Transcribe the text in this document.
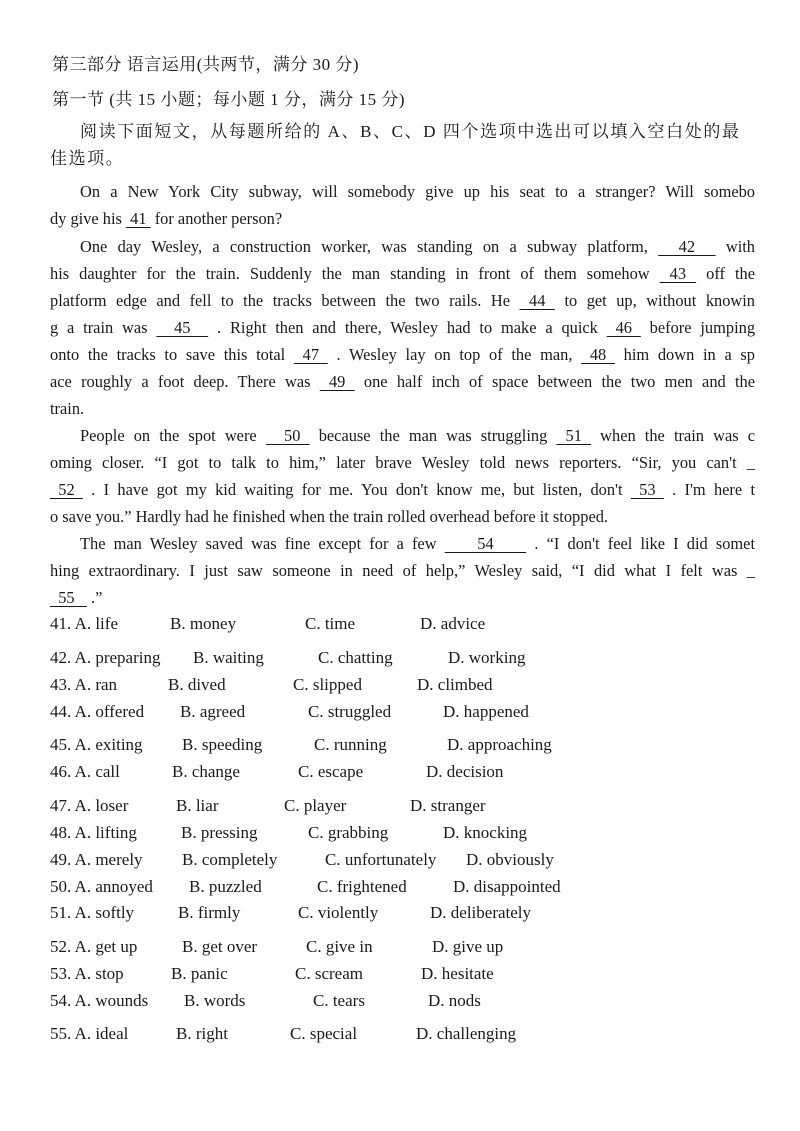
第三部分 语言运用(共两节，满分 30 分)
第一节 (共 15 小题；每小题 1 分，满分 15 分)
阅读下面短文，从每题所给的 A、B、C、D 四个选项中选出可以填入空白处的最佳选项。
On a New York City subway, will somebody give up his seat to a stranger? Will somebo
dy give his  41  for another person?
One day Wesley, a construction worker, was standing on a subway platform,   42   with
his daughter for the train. Suddenly the man standing in front of them somehow  43  off the
platform edge and fell to the tracks between the two rails. He  44  to get up, without knowin
g a train was   45   . Right then and there, Wesley had to make a quick  46  before jumping
onto the tracks to save this total  47  . Wesley lay on top of the man,  48  him down in a sp
ace roughly a foot deep. There was  49  one half inch of space between the two men and the
train.
People on the spot were   50  because the man was struggling  51  when the train was c
oming closer. “I got to talk to him,” later brave Wesley told news reporters. “Sir, you can't _
52  . I have got my kid waiting for me. You don't know me, but listen, don't  53  . I'm here t
o save you.” Hardly had he finished when the train rolled overhead before it stopped.
The man Wesley saved was fine except for a few     54     . “I don't feel like I did somet
hing extraordinary. I just saw someone in need of help,” Wesley said, “I did what I felt was _
55    .”
41. A. life	B. money	C. time	D. advice
42. A. preparing B. waiting	C. chatting	D. working
43. A. ran	B. dived	C. slipped	D. climbed
44. A. offered B. agreed	C. struggled	D. happened
45. A. exiting B. speeding	C. running	D. approaching
46. A. call	B. change	C. escape	D. decision
47. A. loser	B. liar	C. player	D. stranger
48. A. lifting	B. pressing	C. grabbing	D. knocking
49. A. merely B. completely	C. unfortunately D. obviously
50. A. annoyed B. puzzled	C. frightened	D. disappointed
51. A. softly	B. firmly	C. violently	D. deliberately
52. A. get up	B. get over	C. give in	D. give up
53. A. stop	B. panic	C. scream	D. hesitate
54. A. wounds B. words	C. tears	D. nods
55. A. ideal	B. right	C. special	D. challenging
